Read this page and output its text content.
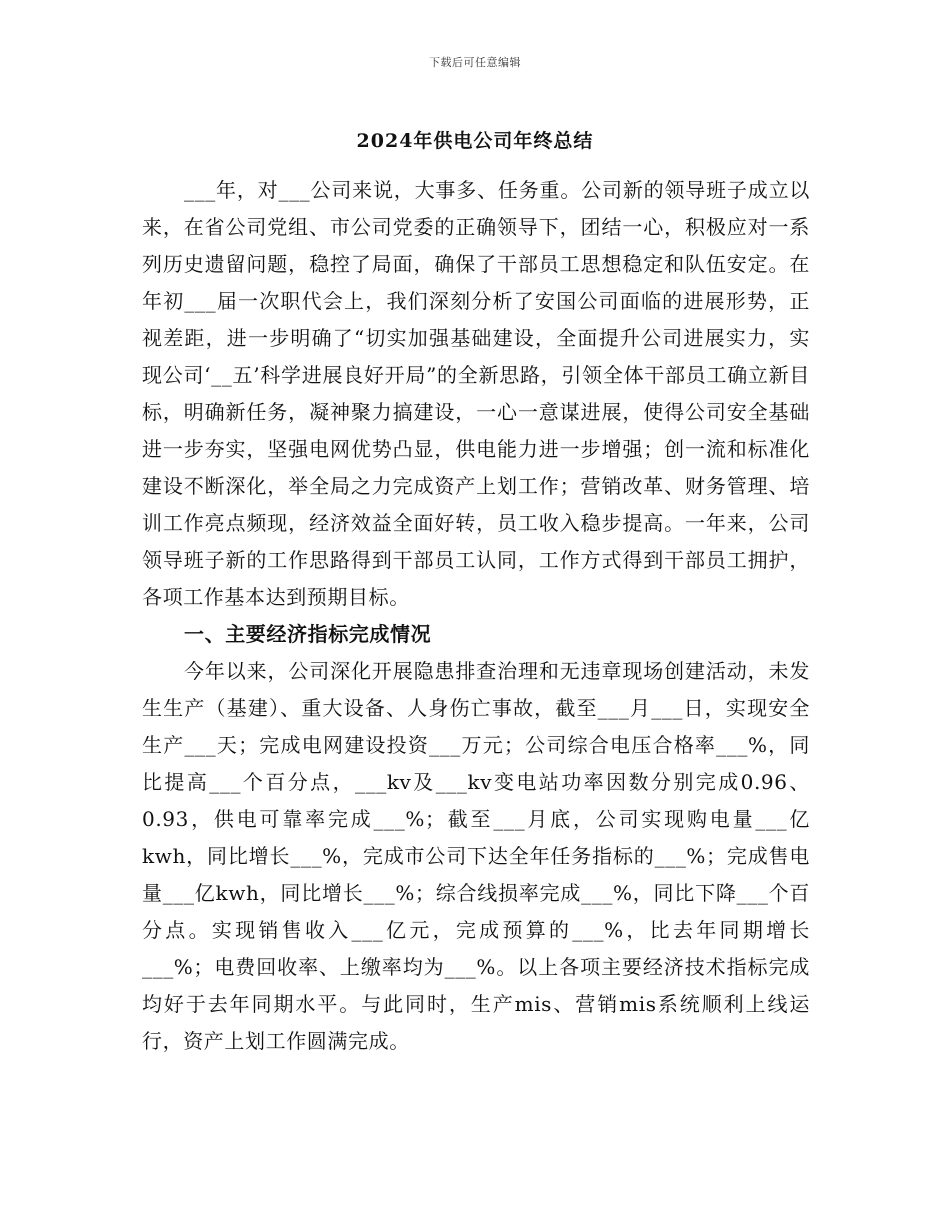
下载后可任意编辑
2024年供电公司年终总结

___年，对___公司来说，大事多、任务重。公司新的领导班子成立以来，在省公司党组、市公司党委的正确领导下，团结一心，积极应对一系列历史遗留问题，稳控了局面，确保了干部员工思想稳定和队伍安定。在年初___届一次职代会上，我们深刻分析了安国公司面临的进展形势，正视差距，进一步明确了“切实加强基础建设，全面提升公司进展实力，实现公司‘__五’科学进展良好开局”的全新思路，引领全体干部员工确立新目标，明确新任务，凝神聚力搞建设，一心一意谋进展，使得公司安全基础进一步夯实，坚强电网优势凸显，供电能力进一步增强；创一流和标准化建设不断深化，举全局之力完成资产上划工作；营销改革、财务管理、培训工作亮点频现，经济效益全面好转，员工收入稳步提高。一年来，公司领导班子新的工作思路得到干部员工认同，工作方式得到干部员工拥护，各项工作基本达到预期目标。

一、主要经济指标完成情况

今年以来，公司深化开展隐患排查治理和无违章现场创建活动，未发生生产（基建）、重大设备、人身伤亡事故，截至___月___日，实现安全生产___天；完成电网建设投资___万元；公司综合电压合格率___%，同比提高___个百分点，___kv及___kv变电站功率因数分别完成0.96、0.93，供电可靠率完成___%；截至___月底，公司实现购电量___亿kwh，同比增长___%，完成市公司下达全年任务指标的___%；完成售电量___亿kwh，同比增长___%；综合线损率完成___%，同比下降___个百分点。实现销售收入___亿元，完成预算的___%，比去年同期增长___%；电费回收率、上缴率均为___%。以上各项主要经济技术指标完成均好于去年同期水平。与此同时，生产mis、营销mis系统顺利上线运行，资产上划工作圆满完成。
